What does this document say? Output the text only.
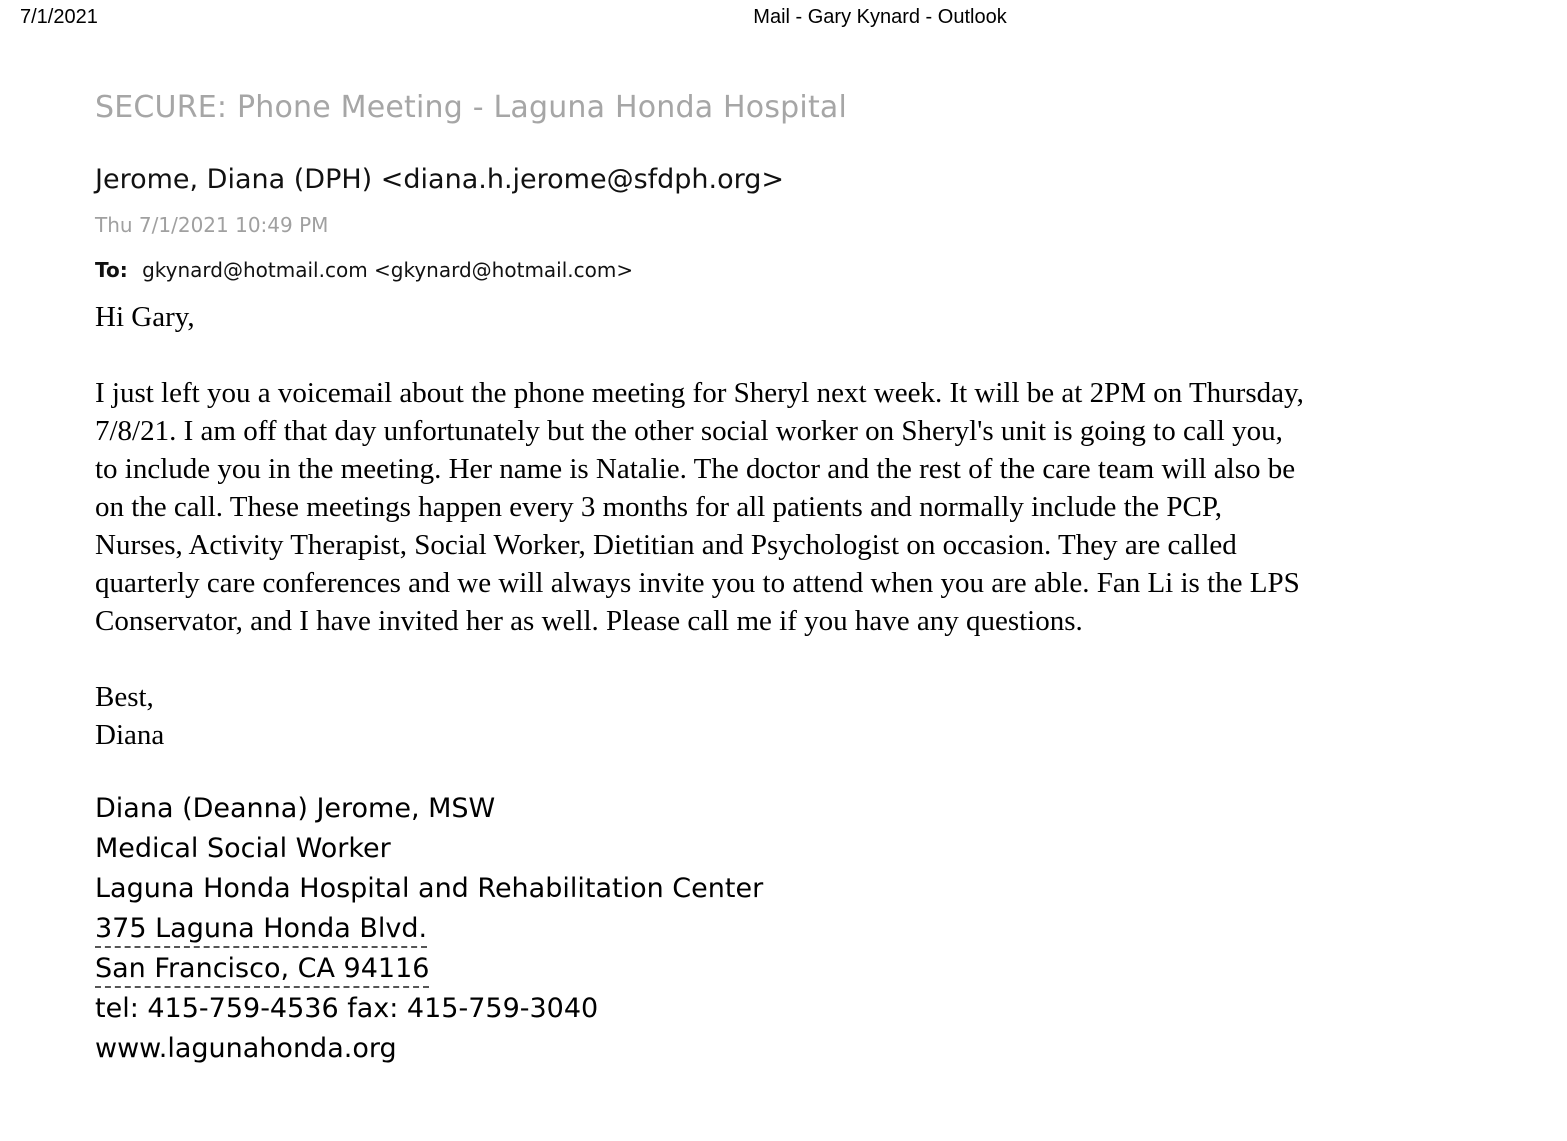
7/1/2021	Mail - Gary Kynard - Outlook
SECURE: Phone Meeting - Laguna Honda Hospital
Jerome, Diana (DPH) <diana.h.jerome@sfdph.org>
Thu 7/1/2021 10:49 PM
To: gkynard@hotmail.com <gkynard@hotmail.com>

Hi Gary,

I just left you a voicemail about the phone meeting for Sheryl next week. It will be at 2PM on Thursday,
7/8/21. I am off that day unfortunately but the other social worker on Sheryl's unit is going to call you,
to include you in the meeting. Her name is Natalie. The doctor and the rest of the care team will also be
on the call. These meetings happen every 3 months for all patients and normally include the PCP,
Nurses, Activity Therapist, Social Worker, Dietitian and Psychologist on occasion. They are called
quarterly care conferences and we will always invite you to attend when you are able. Fan Li is the LPS
Conservator, and I have invited her as well. Please call me if you have any questions.

Best,

Diana

Diana (Deanna) Jerome, MSW
Medical Social Worker
Laguna Honda Hospital and Rehabilitation Center
375 Laguna Honda Blvd.
San Francisco, CA 94116
tel: 415-759-4536 fax: 415-759-3040
www.lagunahonda.org
